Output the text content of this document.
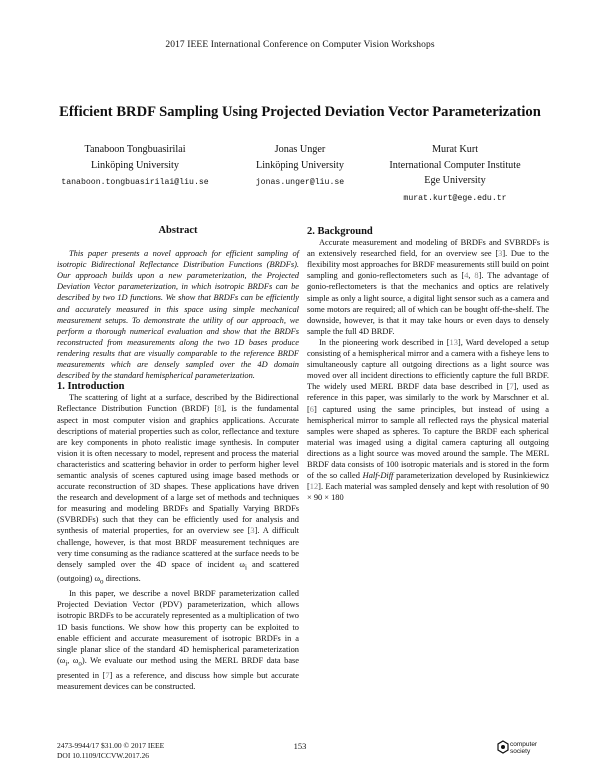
2017 IEEE International Conference on Computer Vision Workshops
Efficient BRDF Sampling Using Projected Deviation Vector Parameterization
Tanaboon Tongbuasirilai
Linköping University
tanaboon.tongbuasirilai@liu.se
Jonas Unger
Linköping University
jonas.unger@liu.se
Murat Kurt
International Computer Institute
Ege University
murat.kurt@ege.edu.tr
Abstract

This paper presents a novel approach for efficient sampling of isotropic Bidirectional Reflectance Distribution Functions (BRDFs). Our approach builds upon a new parameterization, the Projected Deviation Vector parameterization, in which isotropic BRDFs can be described by two 1D functions. We show that BRDFs can be efficiently and accurately measured in this space using simple mechanical measurement setups. To demonstrate the utility of our approach, we perform a thorough numerical evaluation and show that the BRDFs reconstructed from measurements along the two 1D bases produce rendering results that are visually comparable to the reference BRDF measurements which are densely sampled over the 4D domain described by the standard hemispherical parameterization.

1. Introduction

The scattering of light at a surface, described by the Bidirectional Reflectance Distribution Function (BRDF) [8], is the fundamental aspect in most computer vision and graphics applications. Accurate descriptions of material properties such as color, reflectance and texture are key components in photo realistic image synthesis. In computer vision it is often necessary to model, represent and process the material characteristics and scattering behavior in order to perform higher level semantic analysis of scenes captured using image based methods or accurate reconstruction of 3D shapes. These applications have driven the research and development of a large set of methods and techniques for measuring and modeling BRDFs and Spatially Varying BRDFs (SVBRDFs) such that they can be efficiently used for analysis and synthesis of material properties, for an overview see [3]. A difficult challenge, however, is that most BRDF measurement techniques are very time consuming as the radiance scattered at the surface needs to be densely sampled over the 4D space of incident $\omega_i$ and scattered (outgoing) $\omega_o$ directions.

In this paper, we describe a novel BRDF parameterization called Projected Deviation Vector (PDV) parameterization, which allows isotropic BRDFs to be accurately represented as a multiplication of two 1D basis functions. We show how this property can be exploited to enable efficient and accurate measurement of isotropic BRDFs in a single planar slice of the standard 4D hemispherical parameterization ($\omega_i$, $\omega_o$). We evaluate our method using the MERL BRDF data base presented in [7] as a reference, and discuss how simple but accurate measurement devices can be constructed.

2. Background

Accurate measurement and modeling of BRDFs and SVBRDFs is an extensively researched field, for an overview see [3]. Due to the flexibility most approaches for BRDF measurements still build on point sampling and gonio-reflectometers such as [4, 8]. The advantage of gonio-reflectometers is that the mechanics and optics are relatively simple as only a light source, a digital light sensor such as a camera and some motors are required; all of which can be bought off-the-shelf. The downside, however, is that it may take hours or even days to densely sample the full 4D BRDF.

In the pioneering work described in [13], Ward developed a setup consisting of a hemispherical mirror and a camera with a fisheye lens to simultaneously capture all outgoing directions as a light source was moved over all incident directions to efficiently capture the full BRDF. The widely used MERL BRDF data base described in [7], used as reference in this paper, was similarly to the work by Marschner et al. [6] captured using the same principles, but instead of using a hemispherical mirror to sample all reflected rays the physical material samples were shaped as spheres. To capture the BRDF each spherical material was imaged using a digital camera capturing all outgoing directions as a light source was moved around the sample. The MERL BRDF data consists of 100 isotropic materials and is stored in the form of the so called Half-Diff parameterization developed by Rusinkiewicz [12]. Each material was sampled densely and kept with resolution of 90 × 90 × 180

2473-9944/17 $31.00 © 2017 IEEE
DOI 10.1109/ICCVW.2017.26
153	computer
society
